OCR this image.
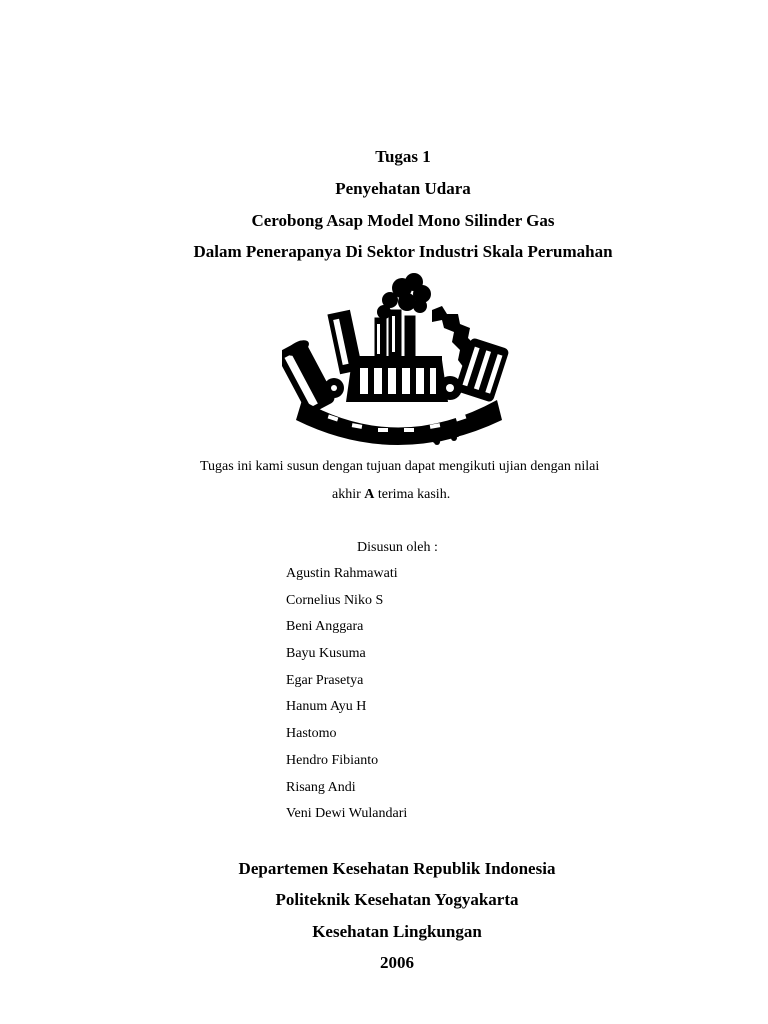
Tugas 1
Penyehatan Udara
Cerobong Asap Model Mono Silinder Gas
Dalam Penerapanya Di Sektor Industri Skala Perumahan
Tugas ini kami susun dengan tujuan dapat mengikuti ujian dengan nilai
akhir A terima kasih.
Disusun oleh :
Agustin Rahmawati
Cornelius Niko S
Beni Anggara
Bayu Kusuma
Egar Prasetya
Hanum Ayu H
Hastomo
Hendro Fibianto
Risang Andi
Veni Dewi Wulandari
Departemen Kesehatan Republik Indonesia
Politeknik Kesehatan Yogyakarta
Kesehatan Lingkungan
2006
